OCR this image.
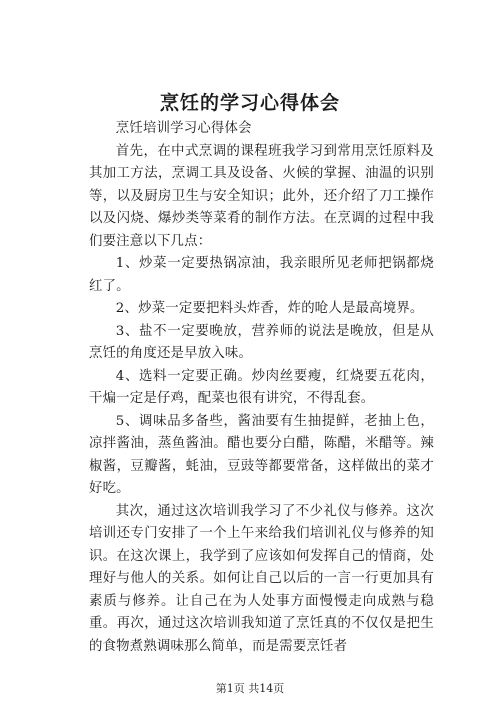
烹饪的学习心得体会

烹饪培训学习心得体会

首先，在中式烹调的课程班我学习到常用烹饪原料及其加工方法，烹调工具及设备、火候的掌握、油温的识别等，以及厨房卫生与安全知识；此外，还介绍了刀工操作以及闪烧、爆炒类等菜肴的制作方法。在烹调的过程中我们要注意以下几点：

1、炒菜一定要热锅凉油，我亲眼所见老师把锅都烧红了。

2、炒菜一定要把料头炸香，炸的呛人是最高境界。

3、盐不一定要晚放，营养师的说法是晚放，但是从烹饪的角度还是早放入味。

4、选料一定要正确。炒肉丝要瘦，红烧要五花肉，干煸一定是仔鸡，配菜也很有讲究，不得乱套。

5、调味品多备些，酱油要有生抽提鲜，老抽上色，凉拌酱油，蒸鱼酱油。醋也要分白醋，陈醋，米醋等。辣椒酱，豆瓣酱，蚝油，豆豉等都要常备，这样做出的菜才好吃。

其次，通过这次培训我学习了不少礼仪与修养。这次培训还专门安排了一个上午来给我们培训礼仪与修养的知识。在这次课上，我学到了应该如何发挥自己的情商，处理好与他人的关系。如何让自己以后的一言一行更加具有素质与修养。让自己在为人处事方面慢慢走向成熟与稳重。再次，通过这次培训我知道了烹饪真的不仅仅是把生的食物煮熟调味那么简单，而是需要烹饪者

第1页 共14页
